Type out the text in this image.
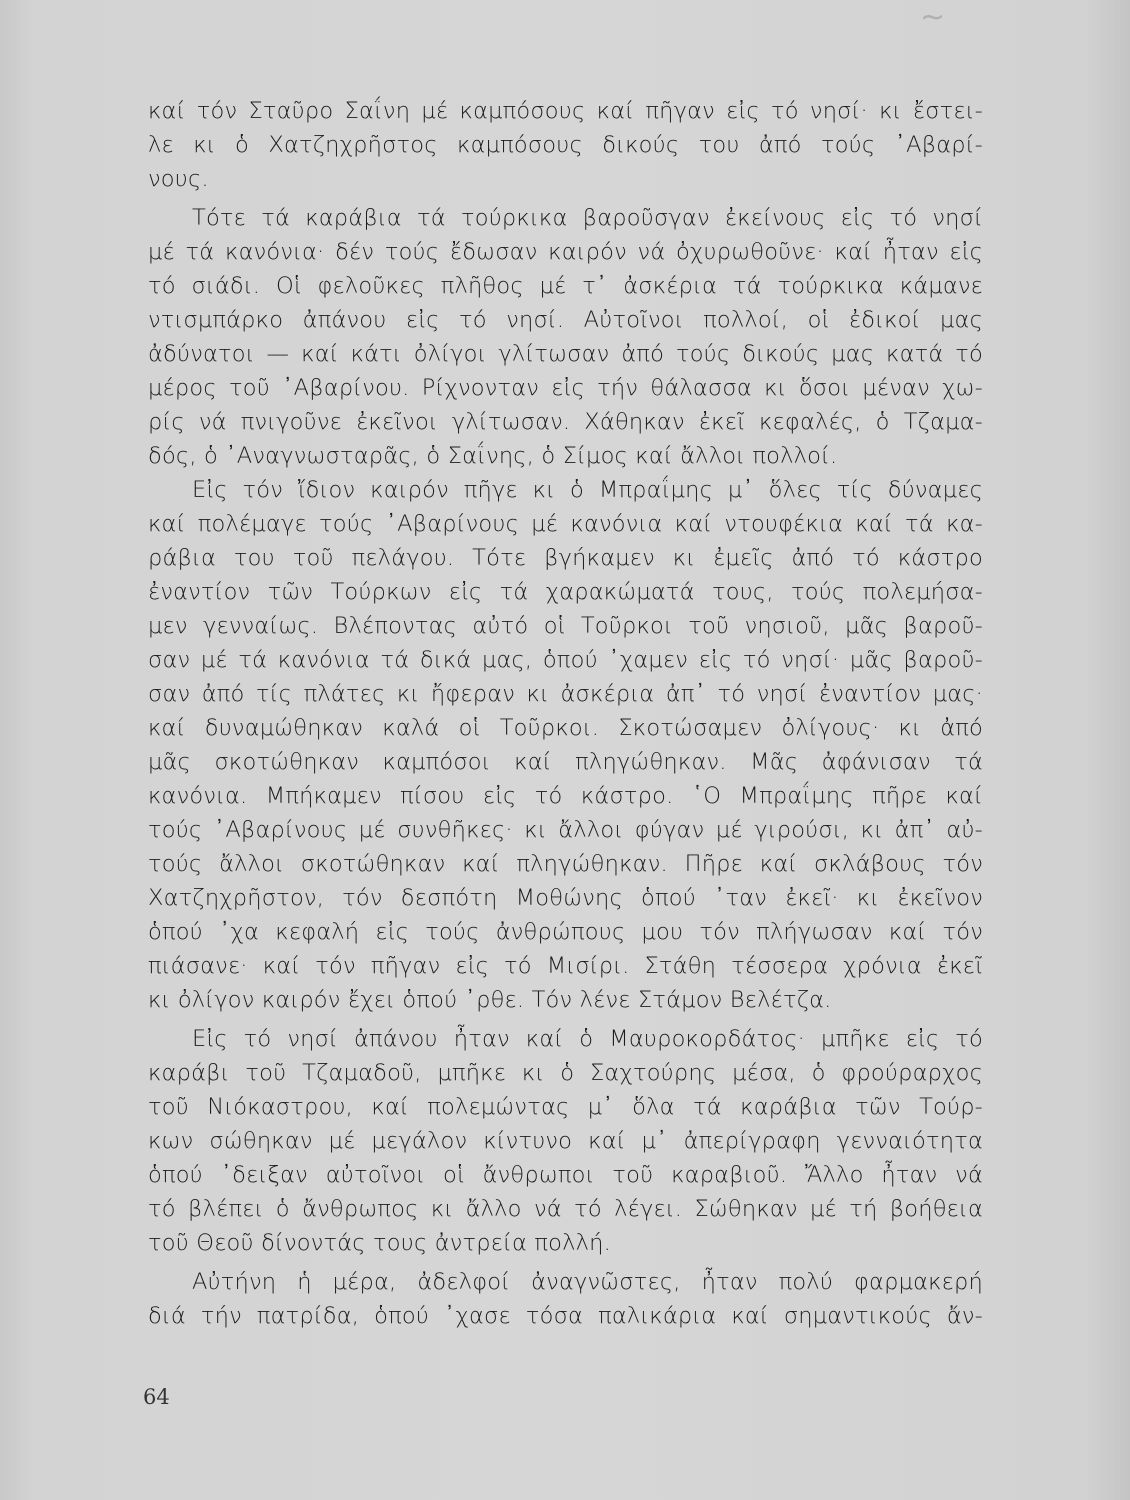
~
καί τόν Σταῦρο Σαΐνη μέ καμπόσους καί πῆγαν εἰς τό νησί· κι ἔστει-
λε κι ὁ Χατζηχρῆστος καμπόσους δικούς του ἀπό τούς ᾿Αβαρί-
νους.
Τότε τά καράβια τά τούρκικα βαροῦσγαν ἐκείνους εἰς τό νησί
μέ τά κανόνια· δέν τούς ἔδωσαν καιρόν νά ὀχυρωθοῦνε· καί ἦταν εἰς
τό σιάδι. Οἱ φελοῦκες πλῆθος μέ τ᾿ ἀσκέρια τά τούρκικα κάμανε
ντισμπάρκο ἀπάνου εἰς τό νησί. Αὐτοῖνοι πολλοί, οἱ ἐδικοί μας
ἀδύνατοι — καί κάτι ὀλίγοι γλίτωσαν ἀπό τούς δικούς μας κατά τό
μέρος τοῦ ᾿Αβαρίνου. Ρίχνονταν εἰς τήν θάλασσα κι ὅσοι μέναν χω-
ρίς νά πνιγοῦνε ἐκεῖνοι γλίτωσαν. Χάθηκαν ἐκεῖ κεφαλές, ὁ Τζαμα-
δός, ὁ ᾿Αναγνωσταρᾶς, ὁ Σαΐνης, ὁ Σίμος καί ἄλλοι πολλοί.
Εἰς τόν ἴδιον καιρόν πῆγε κι ὁ Μπραΐμης μ᾿ ὅλες τίς δύναμες
καί πολέμαγε τούς ᾿Αβαρίνους μέ κανόνια καί ντουφέκια καί τά κα-
ράβια του τοῦ πελάγου. Τότε βγήκαμεν κι ἐμεῖς ἀπό τό κάστρο
ἐναντίον τῶν Τούρκων εἰς τά χαρακώματά τους, τούς πολεμήσα-
μεν γενναίως. Βλέποντας αὐτό οἱ Τοῦρκοι τοῦ νησιοῦ, μᾶς βαροῦ-
σαν μέ τά κανόνια τά δικά μας, ὁπού ᾿χαμεν εἰς τό νησί· μᾶς βαροῦ-
σαν ἀπό τίς πλάτες κι ἤφεραν κι ἀσκέρια ἀπ᾿ τό νησί ἐναντίον μας·
καί δυναμώθηκαν καλά οἱ Τοῦρκοι. Σκοτώσαμεν ὀλίγους· κι ἀπό
μᾶς σκοτώθηκαν καμπόσοι καί πληγώθηκαν. Μᾶς ἀφάνισαν τά
κανόνια. Μπήκαμεν πίσου εἰς τό κάστρο. ῾Ο Μπραΐμης πῆρε καί
τούς ᾿Αβαρίνους μέ συνθῆκες· κι ἄλλοι φύγαν μέ γιρούσι, κι ἀπ᾿ αὐ-
τούς ἄλλοι σκοτώθηκαν καί πληγώθηκαν. Πῆρε καί σκλάβους τόν
Χατζηχρῆστον, τόν δεσπότη Μοθώνης ὁπού ᾿ταν ἐκεῖ· κι ἐκεῖνον
ὁπού ᾿χα κεφαλή εἰς τούς ἀνθρώπους μου τόν πλήγωσαν καί τόν
πιάσανε· καί τόν πῆγαν εἰς τό Μισίρι. Στάθη τέσσερα χρόνια ἐκεῖ
κι ὀλίγον καιρόν ἔχει ὁπού ᾿ρθε. Τόν λένε Στάμον Βελέτζα.
Εἰς τό νησί ἀπάνου ἦταν καί ὁ Μαυροκορδάτος· μπῆκε εἰς τό
καράβι τοῦ Τζαμαδοῦ, μπῆκε κι ὁ Σαχτούρης μέσα, ὁ φρούραρχος
τοῦ Νιόκαστρου, καί πολεμώντας μ᾿ ὅλα τά καράβια τῶν Τούρ-
κων σώθηκαν μέ μεγάλον κίντυνο καί μ᾿ ἀπερίγραφη γενναιότητα
ὁπού ᾿δειξαν αὐτοῖνοι οἱ ἄνθρωποι τοῦ καραβιοῦ. Ἄλλο ἦταν νά
τό βλέπει ὁ ἄνθρωπος κι ἄλλο νά τό λέγει. Σώθηκαν μέ τή βοήθεια
τοῦ Θεοῦ δίνοντάς τους ἀντρεία πολλή.
Αὐτήνη ἡ μέρα, ἀδελφοί ἀναγνῶστες, ἦταν πολύ φαρμακερή
διά τήν πατρίδα, ὁπού ᾿χασε τόσα παλικάρια καί σημαντικούς ἄν-
64
